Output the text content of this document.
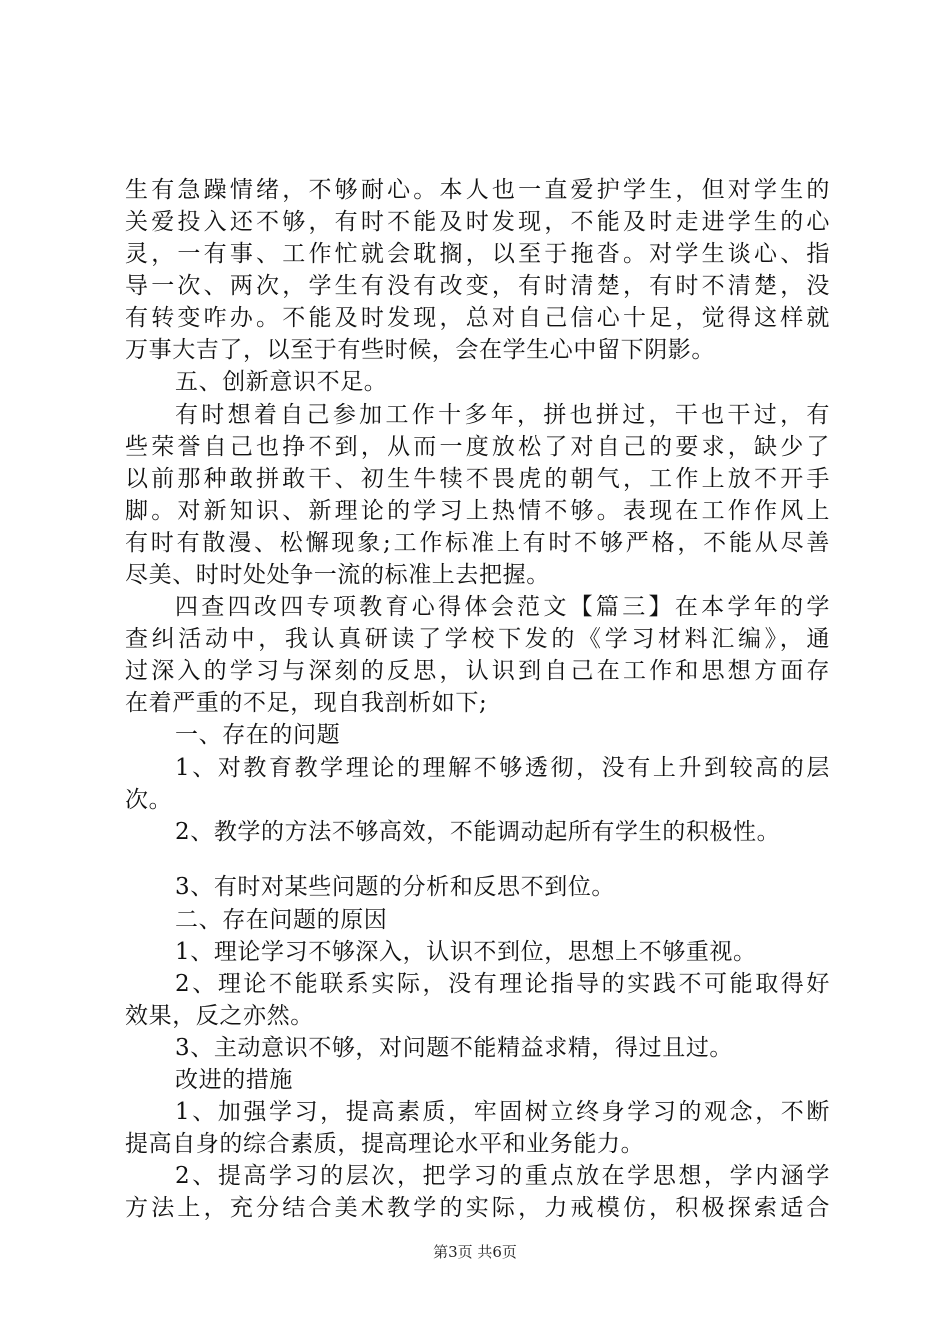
生有急躁情绪，不够耐心。本人也一直爱护学生，但对学生的
关爱投入还不够，有时不能及时发现，不能及时走进学生的心
灵，一有事、工作忙就会耽搁，以至于拖沓。对学生谈心、指
导一次、两次，学生有没有改变，有时清楚，有时不清楚，没
有转变咋办。不能及时发现，总对自己信心十足，觉得这样就
万事大吉了，以至于有些时候，会在学生心中留下阴影。
五、创新意识不足。
有时想着自己参加工作十多年，拼也拼过，干也干过，有
些荣誉自己也挣不到，从而一度放松了对自己的要求，缺少了
以前那种敢拼敢干、初生牛犊不畏虎的朝气，工作上放不开手
脚。对新知识、新理论的学习上热情不够。表现在工作作风上
有时有散漫、松懈现象;工作标准上有时不够严格，不能从尽善
尽美、时时处处争一流的标准上去把握。
四查四改四专项教育心得体会范文【篇三】在本学年的学
查纠活动中，我认真研读了学校下发的《学习材料汇编》，通
过深入的学习与深刻的反思，认识到自己在工作和思想方面存
在着严重的不足，现自我剖析如下;
一、存在的问题
1、对教育教学理论的理解不够透彻，没有上升到较高的层
次。
2、教学的方法不够高效，不能调动起所有学生的积极性。
3、有时对某些问题的分析和反思不到位。
二、存在问题的原因
1、理论学习不够深入，认识不到位，思想上不够重视。
2、理论不能联系实际，没有理论指导的实践不可能取得好
效果，反之亦然。
3、主动意识不够，对问题不能精益求精，得过且过。
改进的措施
1、加强学习，提高素质，牢固树立终身学习的观念，不断
提高自身的综合素质，提高理论水平和业务能力。
2、提高学习的层次，把学习的重点放在学思想，学内涵学
方法上，充分结合美术教学的实际，力戒模仿，积极探索适合
第3页 共6页
